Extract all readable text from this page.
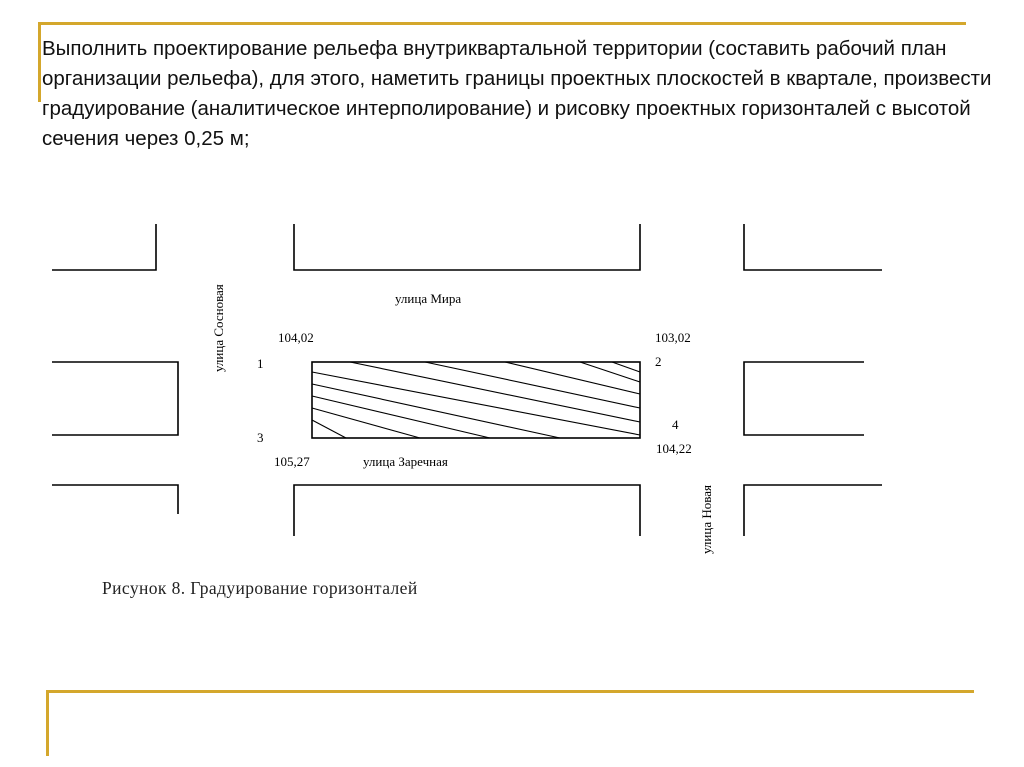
Выполнить проектирование рельефа внутриквартальной территории (составить рабочий план организации рельефа), для этого, наметить границы проектных плоскостей в квартале, произвести градуирование (аналитическое интерполирование) и рисовку проектных горизонталей с высотой сечения через 0,25 м;
улица Мира
улица Сосновая
улица Заречная
улица Новая
104,02
1
103,02
2
3
105,27
4
104,22
Рисунок 8. Градуирование горизонталей
